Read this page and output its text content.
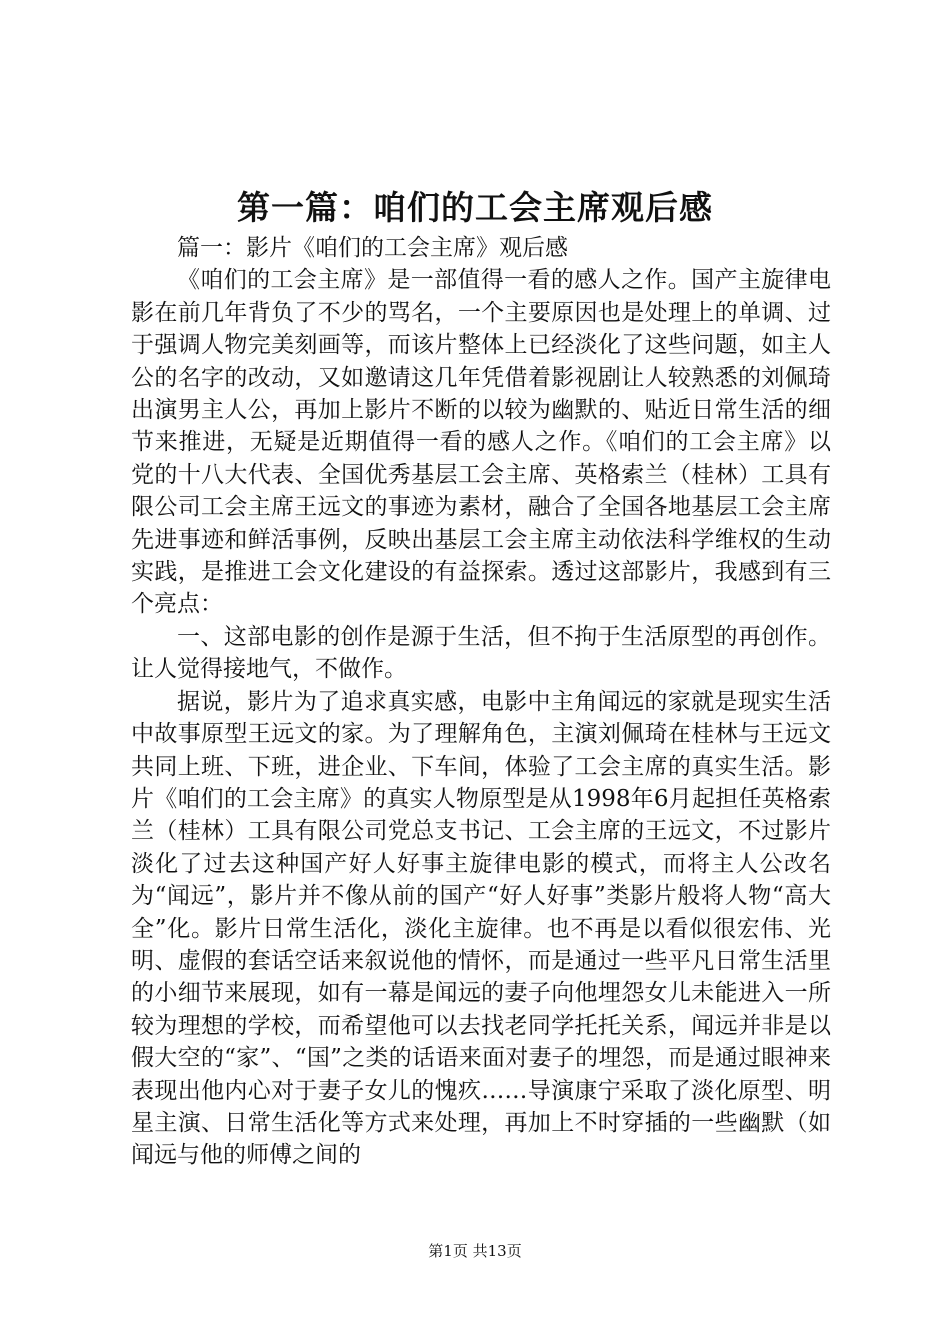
第一篇：咱们的工会主席观后感

篇一：影片《咱们的工会主席》观后感

《咱们的工会主席》是一部值得一看的感人之作。国产主旋律电影在前几年背负了不少的骂名，一个主要原因也是处理上的单调、过于强调人物完美刻画等，而该片整体上已经淡化了这些问题，如主人公的名字的改动，又如邀请这几年凭借着影视剧让人较熟悉的刘佩琦出演男主人公，再加上影片不断的以较为幽默的、贴近日常生活的细节来推进，无疑是近期值得一看的感人之作。《咱们的工会主席》以党的十八大代表、全国优秀基层工会主席、英格索兰（桂林）工具有限公司工会主席王远文的事迹为素材，融合了全国各地基层工会主席先进事迹和鲜活事例，反映出基层工会主席主动依法科学维权的生动实践，是推进工会文化建设的有益探索。透过这部影片，我感到有三个亮点：

一、这部电影的创作是源于生活，但不拘于生活原型的再创作。让人觉得接地气，不做作。

据说，影片为了追求真实感，电影中主角闻远的家就是现实生活中故事原型王远文的家。为了理解角色，主演刘佩琦在桂林与王远文共同上班、下班，进企业、下车间，体验了工会主席的真实生活。影片《咱们的工会主席》的真实人物原型是从1998年6月起担任英格索兰（桂林）工具有限公司党总支书记、工会主席的王远文，不过影片淡化了过去这种国产好人好事主旋律电影的模式，而将主人公改名为“闻远”，影片并不像从前的国产“好人好事”类影片般将人物“高大全”化。影片日常生活化，淡化主旋律。也不再是以看似很宏伟、光明、虚假的套话空话来叙说他的情怀，而是通过一些平凡日常生活里的小细节来展现，如有一幕是闻远的妻子向他埋怨女儿未能进入一所较为理想的学校，而希望他可以去找老同学托托关系，闻远并非是以假大空的“家”、“国”之类的话语来面对妻子的埋怨，而是通过眼神来表现出他内心对于妻子女儿的愧疚……导演康宁采取了淡化原型、明星主演、日常生活化等方式来处理，再加上不时穿插的一些幽默（如闻远与他的师傅之间的

第1页 共13页
